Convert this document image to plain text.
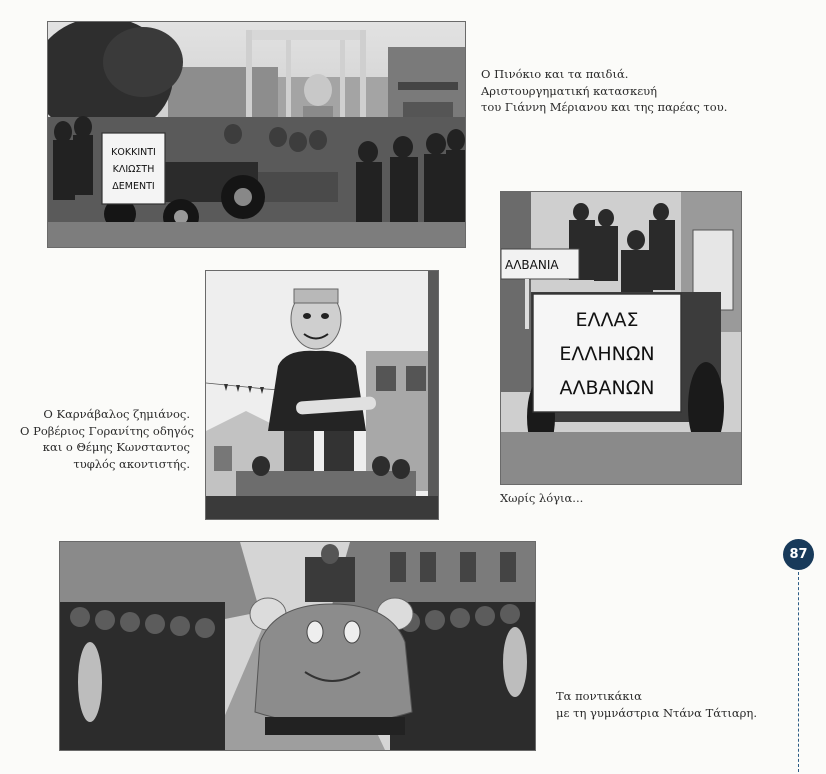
ΚΟΚΚΙΝΤΙ
ΚΛΙΩΣΤΗ
ΔΕΜΕΝΤΙ
Ο Πινόκιο και τα παιδιά.
Αριστουργηματική κατασκευή
του Γιάννη Μέριανου και της παρέας του.
Ο Καρνάβαλος ζημιάνος.
Ο Ροβέριος Γορανίτης οδηγός
και ο Θέμης Κωνσταντος
τυφλός ακοντιστής.
ΑΛΒΑΝΙΑ
ΕΛΛΑΣ
ΕΛΛΗΝΩΝ
ΑΛΒΑΝΩΝ
Χωρίς λόγια...
Τα ποντικάκια
με τη γυμνάστρια Ντάνα Τάτιαρη.
87
